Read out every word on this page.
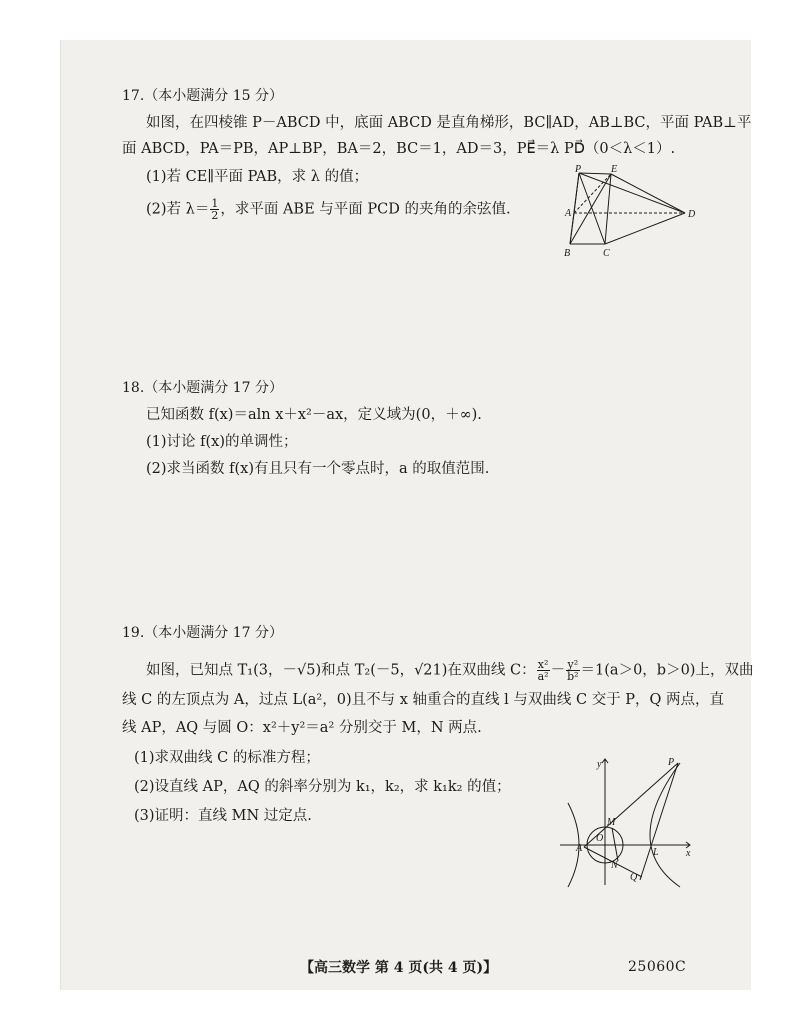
17.（本小题满分 15 分）
如图，在四棱锥 P－ABCD 中，底面 ABCD 是直角梯形，BC∥AD，AB⊥BC，平面 PAB⊥平
面 ABCD，PA＝PB，AP⊥BP，BA＝2，BC＝1，AD＝3，PE⃗＝λ PD⃗（0＜λ＜1）.
(1)若 CE∥平面 PAB，求 λ 的值；
(2)若 $\lambda= \frac{1}{2}$ ，求平面 ABE 与平面 PCD 的夹角的余弦值.
P	E
A	D
B	C
18.（本小题满分 17 分）
已知函数 f(x)＝aln x＋x²－ax，定义域为(0，＋∞).
(1)讨论 f(x)的单调性；
(2)求当函数 f(x)有且只有一个零点时，a 的取值范围.
19.（本小题满分 17 分）
如图，已知点 T₁(3，－√5)和点 T₂(－5，√21)在双曲线 C： $\frac{\text{x²}}{\text{a²}} - \frac{\text{y²}}{\text{b²}} =1(a>0$，b＞0)上，双曲
线 C 的左顶点为 A，过点 L(a²，0)且不与 x 轴重合的直线 l 与双曲线 C 交于 P，Q 两点，直
线 AP，AQ 与圆 O：x²＋y²＝a² 分别交于 M，N 两点.
(1)求双曲线 C 的标准方程；
(2)设直线 AP，AQ 的斜率分别为 k₁，k₂，求 k₁k₂ 的值；
(3)证明：直线 MN 过定点.
y
x
P
M
O
A
N
L
Q
【高三数学 第 4 页(共 4 页)】	25060C
